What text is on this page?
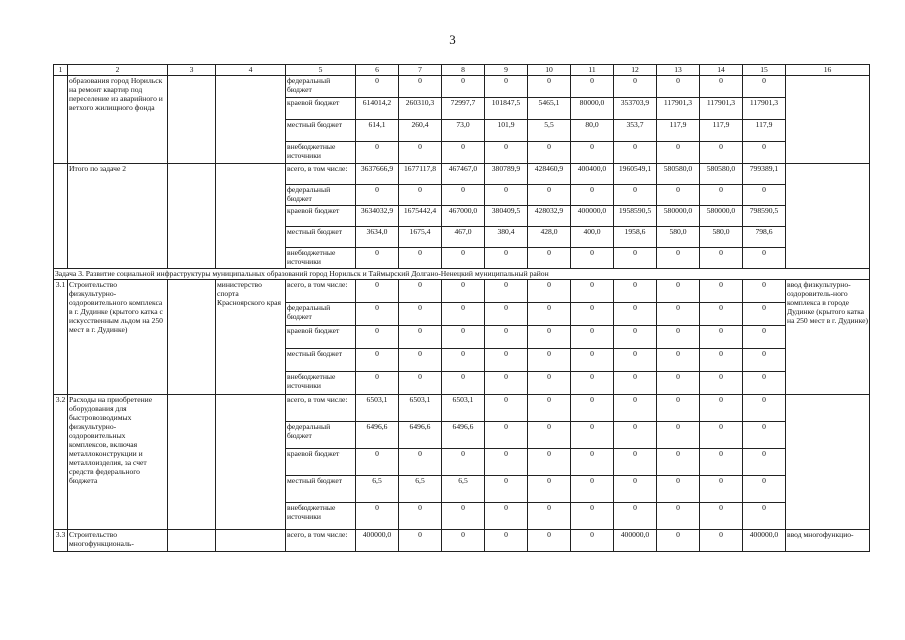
3
1	2	3	4	5	6	7	8	9	10	11	12	13	14	15	16
	образования город Норильск на ремонт квартир под переселение из аварийного и ветхого жилищного фонда			федеральный бюджет	0	0	0	0	0	0	0	0	0	0	
				краевой бюджет	614014,2	260310,3	72997,7	101847,5	5465,1	80000,0	353703,9	117901,3	117901,3	117901,3	
				местный бюджет	614,1	260,4	73,0	101,9	5,5	80,0	353,7	117,9	117,9	117,9	
				внебюджетные источники	0	0	0	0	0	0	0	0	0	0	
	Итого по задаче 2			всего, в том числе:	3637666,9	1677117,8	467467,0	380789,9	428460,9	400400,0	1960549,1	580580,0	580580,0	799389,1	
				федеральный бюджет	0	0	0	0	0	0	0	0	0	0	
				краевой бюджет	3634032,9	1675442,4	467000,0	380409,5	428032,9	400000,0	1958590,5	580000,0	580000,0	798590,5	
				местный бюджет	3634,0	1675,4	467,0	380,4	428,0	400,0	1958,6	580,0	580,0	798,6	
				внебюджетные источники	0	0	0	0	0	0	0	0	0	0	
Задача 3. Развитие социальной инфраструктуры муниципальных образований город Норильск и Таймырский Долгано-Ненецкий муниципальный район															
3.1	Строительство физкультурно-оздоровительного комплекса в г. Дудинке (крытого катка с искусственным льдом на 250 мест в г. Дудинке)		министерство спорта Красноярского края	всего, в том числе:	0	0	0	0	0	0	0	0	0	0	ввод физкультурно-оздоровитель-ного комплекса в городе Дудинке (крытого катка на 250 мест в г. Дудинке)
				федеральный бюджет	0	0	0	0	0	0	0	0	0	0	
				краевой бюджет	0	0	0	0	0	0	0	0	0	0	
				местный бюджет	0	0	0	0	0	0	0	0	0	0	
				внебюджетные источники	0	0	0	0	0	0	0	0	0	0	
3.2	Расходы на приобретение оборудования для быстровозводимых физкультурно-оздоровительных комплексов, включая металлоконструкции и металлоизделия, за счет средств федерального бюджета			всего, в том числе:	6503,1	6503,1	6503,1	0	0	0	0	0	0	0	
				федеральный бюджет	6496,6	6496,6	6496,6	0	0	0	0	0	0	0	
				краевой бюджет	0	0	0	0	0	0	0	0	0	0	
				местный бюджет	6,5	6,5	6,5	0	0	0	0	0	0	0	
				внебюджетные источники	0	0	0	0	0	0	0	0	0	0	
3.3	Строительство многофункциональ-			всего, в том числе:	400000,0	0	0	0	0	0	400000,0	0	0	400000,0	ввод многофункцио-
